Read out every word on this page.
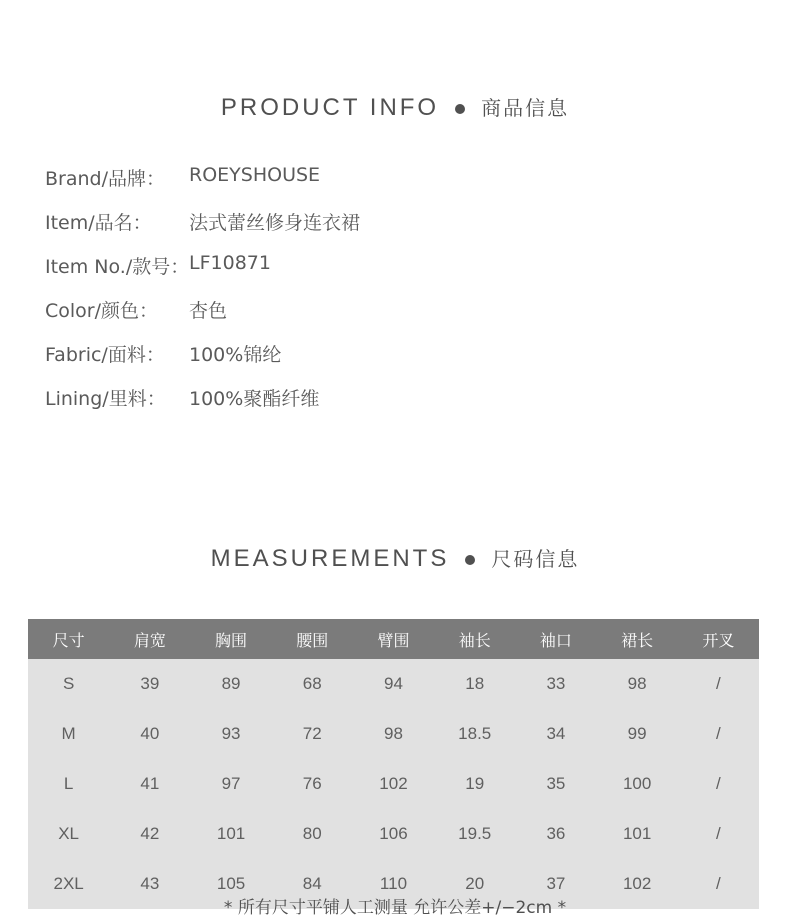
PRODUCT INFO 商品信息
Brand/品牌： ROEYSHOUSE
Item/品名： 法式蕾丝修身连衣裙
Item No./款号： LF10871
Color/颜色： 杏色
Fabric/面料： 100%锦纶
Lining/里料： 100%聚酯纤维
MEASUREMENTS 尺码信息
尺寸	肩宽	胸围	腰围	臂围	袖长	袖口	裙长	开叉
S	39	89	68	94	18	33	98	/
M	40	93	72	98	18.5	34	99	/
L	41	97	76	102	19	35	100	/
XL	42	101	80	106	19.5	36	101	/
2XL	43	105	84	110	20	37	102	/
* 所有尺寸平铺人工测量 允许公差+/−2cm *
